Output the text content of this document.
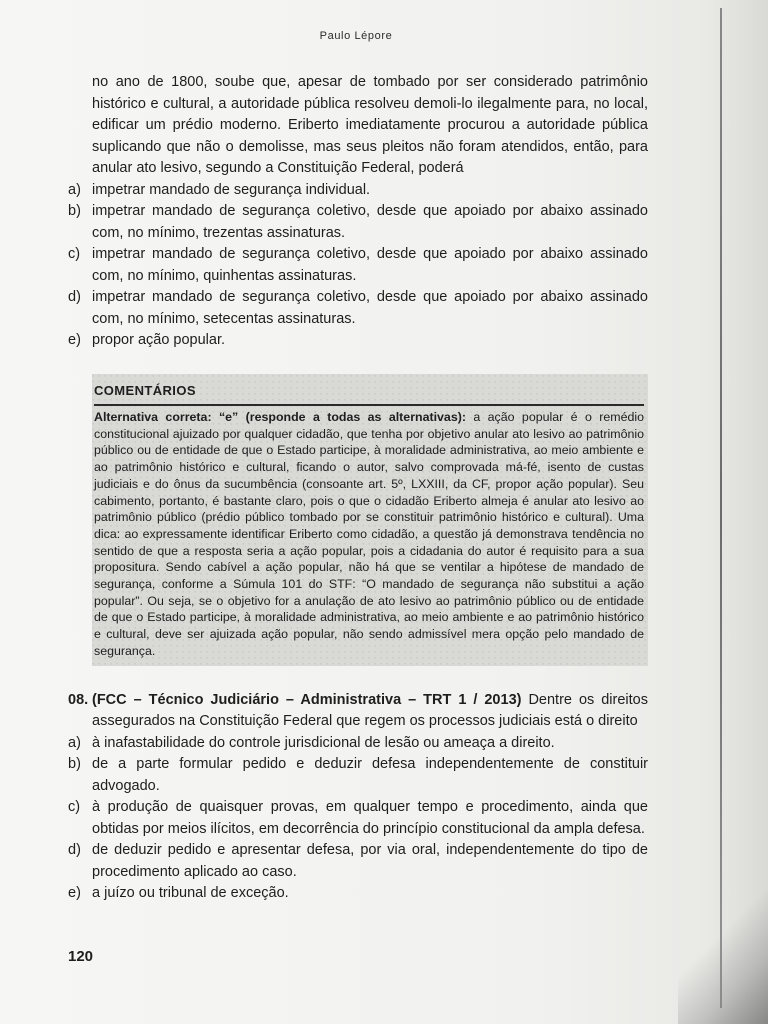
Paulo Lépore

no ano de 1800, soube que, apesar de tombado por ser considerado patrimônio histórico e cultural, a autoridade pública resolveu demoli-lo ilegalmente para, no local, edificar um prédio moderno. Eriberto imediatamente procurou a autoridade pública suplicando que não o demolisse, mas seus pleitos não foram atendidos, então, para anular ato lesivo, segundo a Constituição Federal, poderá

a) impetrar mandado de segurança individual.
b) impetrar mandado de segurança coletivo, desde que apoiado por abaixo assinado com, no mínimo, trezentas assinaturas.
c) impetrar mandado de segurança coletivo, desde que apoiado por abaixo assinado com, no mínimo, quinhentas assinaturas.
d) impetrar mandado de segurança coletivo, desde que apoiado por abaixo assinado com, no mínimo, setecentas assinaturas.
e) propor ação popular.
COMENTÁRIOS
Alternativa correta: “e” (responde a todas as alternativas): a ação popular é o remédio constitucional ajuizado por qualquer cidadão, que tenha por objetivo anular ato lesivo ao patrimônio público ou de entidade de que o Estado participe, à moralidade administrativa, ao meio ambiente e ao patrimônio histórico e cultural, ficando o autor, salvo comprovada má-fé, isento de custas judiciais e do ônus da sucumbência (consoante art. 5º, LXXIII, da CF, propor ação popular). Seu cabimento, portanto, é bastante claro, pois o que o cidadão Eriberto almeja é anular ato lesivo ao patrimônio público (prédio público tombado por se constituir patrimônio histórico e cultural). Uma dica: ao expressamente identificar Eriberto como cidadão, a questão já demonstrava tendência no sentido de que a resposta seria a ação popular, pois a cidadania do autor é requisito para a sua propositura. Sendo cabível a ação popular, não há que se ventilar a hipótese de mandado de segurança, conforme a Súmula 101 do STF: “O mandado de segurança não substitui a ação popular”. Ou seja, se o objetivo for a anulação de ato lesivo ao patrimônio público ou de entidade de que o Estado participe, à moralidade administrativa, ao meio ambiente e ao patrimônio histórico e cultural, deve ser ajuizada ação popular, não sendo admissível mera opção pelo mandado de segurança.
08. (FCC – Técnico Judiciário – Administrativa – TRT 1 / 2013) Dentre os direitos assegurados na Constituição Federal que regem os processos judiciais está o direito
a) à inafastabilidade do controle jurisdicional de lesão ou ameaça a direito.
b) de a parte formular pedido e deduzir defesa independentemente de constituir advogado.
c) à produção de quaisquer provas, em qualquer tempo e procedimento, ainda que obtidas por meios ilícitos, em decorrência do princípio constitucional da ampla defesa.
d) de deduzir pedido e apresentar defesa, por via oral, independentemente do tipo de procedimento aplicado ao caso.
e) a juízo ou tribunal de exceção.
120
